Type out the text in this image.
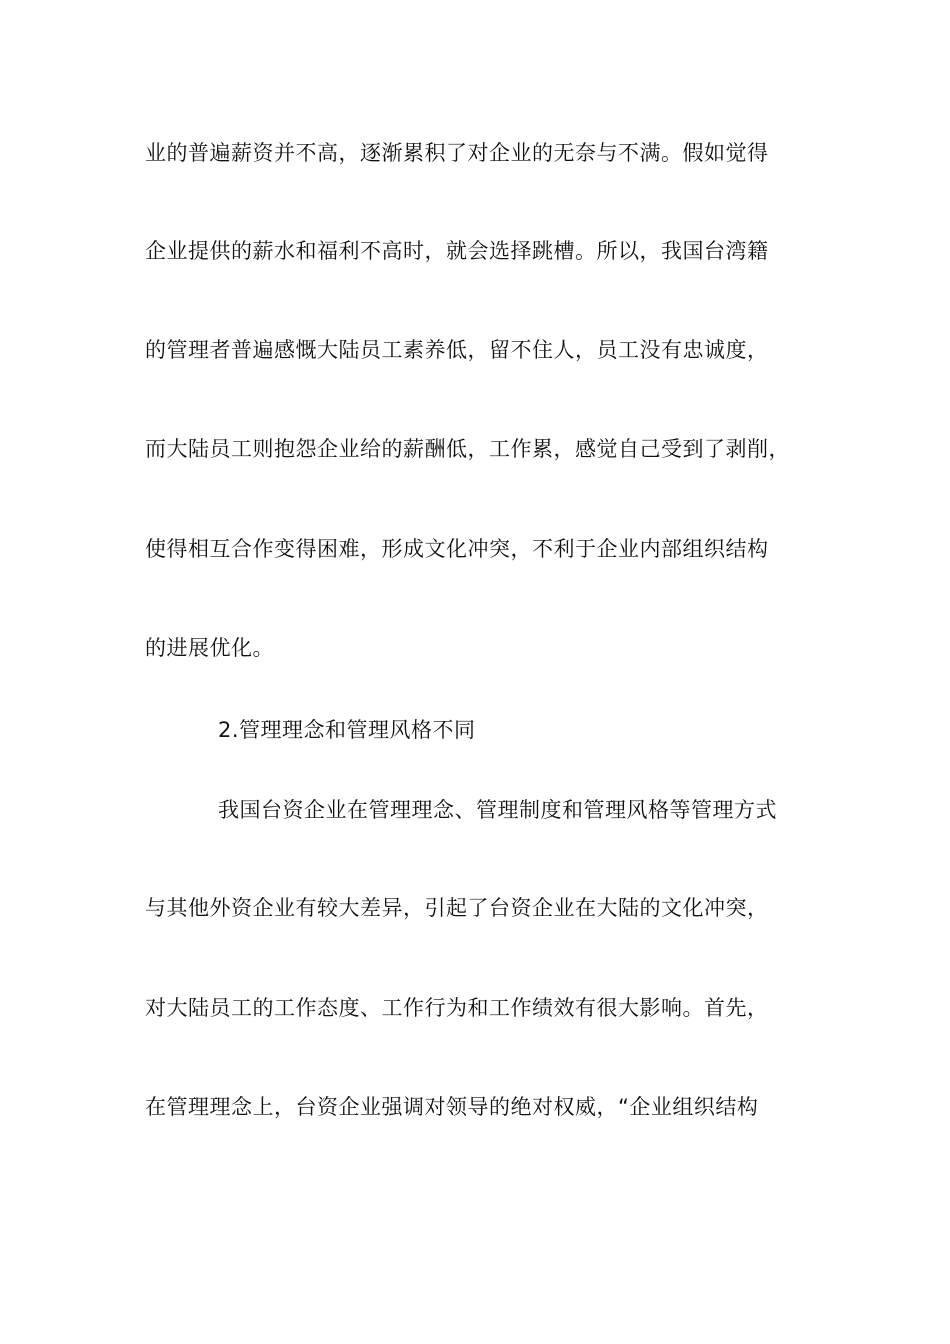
业的普遍薪资并不高，逐渐累积了对企业的无奈与不满。假如觉得
企业提供的薪水和福利不高时，就会选择跳槽。所以，我国台湾籍
的管理者普遍感慨大陆员工素养低，留不住人，员工没有忠诚度，
而大陆员工则抱怨企业给的薪酬低，工作累，感觉自己受到了剥削，
使得相互合作变得困难，形成文化冲突，不利于企业内部组织结构
的进展优化。
2.管理理念和管理风格不同
我国台资企业在管理理念、管理制度和管理风格等管理方式
与其他外资企业有较大差异，引起了台资企业在大陆的文化冲突，
对大陆员工的工作态度、工作行为和工作绩效有很大影响。首先，
在管理理念上，台资企业强调对领导的绝对权威，“企业组织结构
